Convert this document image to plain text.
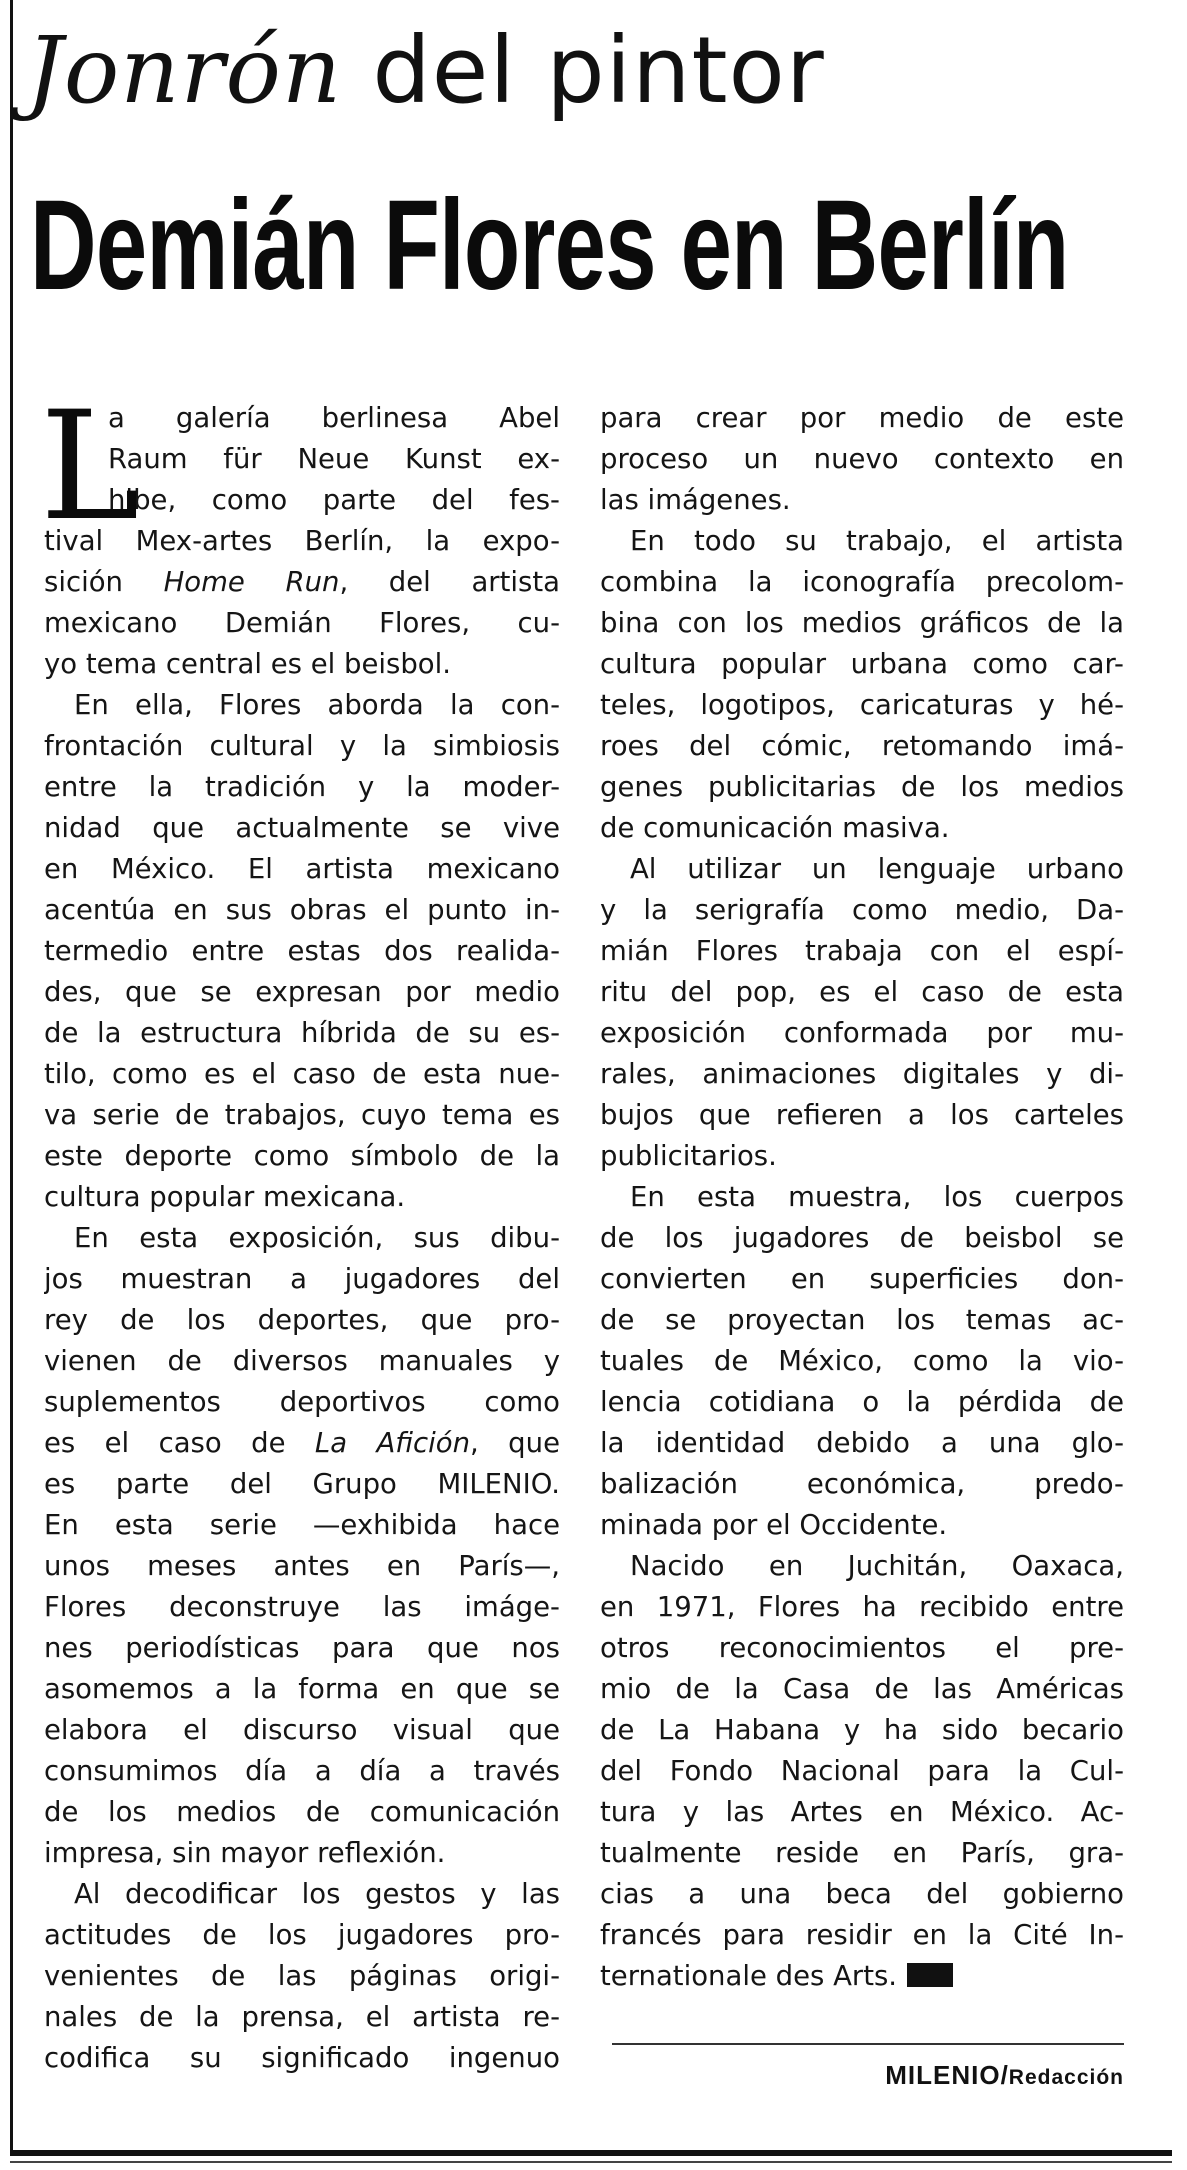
Jonrón del pintor
Demián Flores en Berlín
L
a galería berlinesa Abel
Raum für Neue Kunst ex-
hibe, como parte del fes-
tival Mex-artes Berlín, la expo-
sición Home Run, del artista
mexicano Demián Flores, cu-
yo tema central es el beisbol.
En ella, Flores aborda la con-
frontación cultural y la simbiosis
entre la tradición y la moder-
nidad que actualmente se vive
en México. El artista mexicano
acentúa en sus obras el punto in-
termedio entre estas dos realida-
des, que se expresan por medio
de la estructura híbrida de su es-
tilo, como es el caso de esta nue-
va serie de trabajos, cuyo tema es
este deporte como símbolo de la
cultura popular mexicana.
En esta exposición, sus dibu-
jos muestran a jugadores del
rey de los deportes, que pro-
vienen de diversos manuales y
suplementos deportivos como
es el caso de La Afición, que
es parte del Grupo MILENIO.
En esta serie —exhibida hace
unos meses antes en París—,
Flores deconstruye las imáge-
nes periodísticas para que nos
asomemos a la forma en que se
elabora el discurso visual que
consumimos día a día a través
de los medios de comunicación
impresa, sin mayor reflexión.
Al decodificar los gestos y las
actitudes de los jugadores pro-
venientes de las páginas origi-
nales de la prensa, el artista re-
codifica su significado ingenuo
para crear por medio de este
proceso un nuevo contexto en
las imágenes.
En todo su trabajo, el artista
combina la iconografía precolom-
bina con los medios gráficos de la
cultura popular urbana como car-
teles, logotipos, caricaturas y hé-
roes del cómic, retomando imá-
genes publicitarias de los medios
de comunicación masiva.
Al utilizar un lenguaje urbano
y la serigrafía como medio, Da-
mián Flores trabaja con el espí-
ritu del pop, es el caso de esta
exposición conformada por mu-
rales, animaciones digitales y di-
bujos que refieren a los carteles
publicitarios.
En esta muestra, los cuerpos
de los jugadores de beisbol se
convierten en superficies don-
de se proyectan los temas ac-
tuales de México, como la vio-
lencia cotidiana o la pérdida de
la identidad debido a una glo-
balización económica, predo-
minada por el Occidente.
Nacido en Juchitán, Oaxaca,
en 1971, Flores ha recibido entre
otros reconocimientos el pre-
mio de la Casa de las Américas
de La Habana y ha sido becario
del Fondo Nacional para la Cul-
tura y las Artes en México. Ac-
tualmente reside en París, gra-
cias a una beca del gobierno
francés para residir en la Cité In-
ternationale des Arts.
MILENIO/Redacción
